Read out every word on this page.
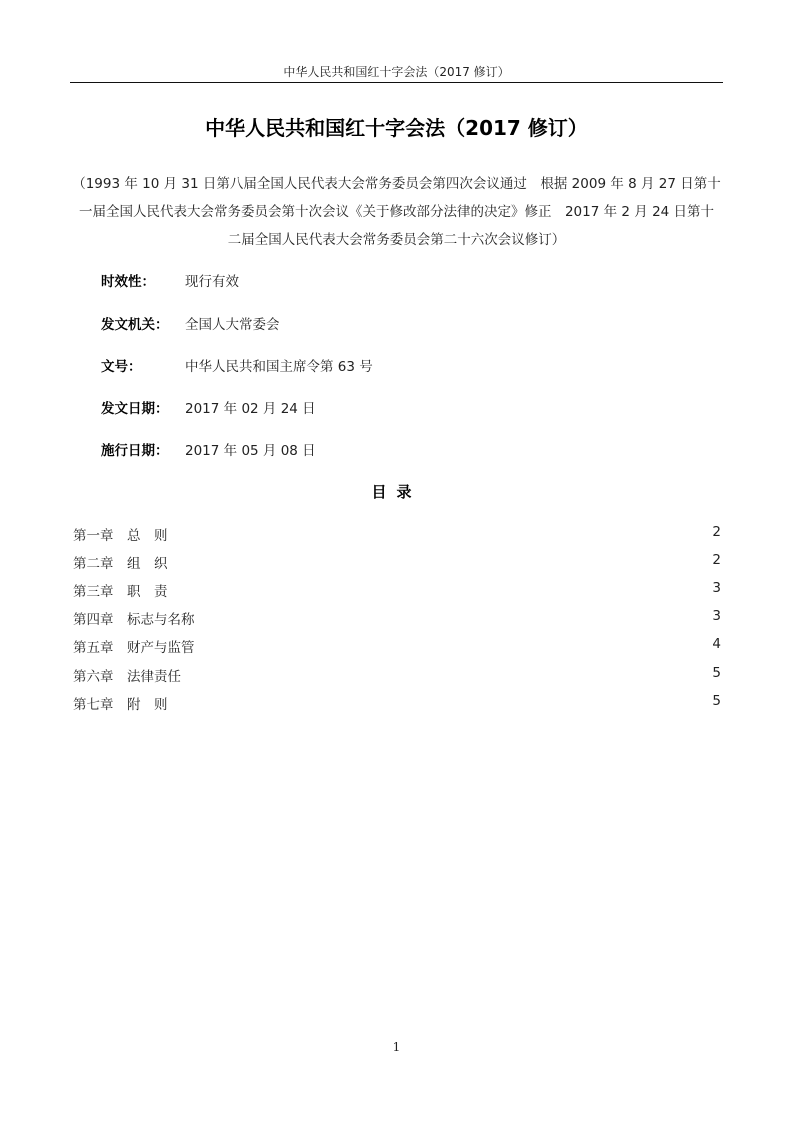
中华人民共和国红十字会法（2017 修订）
中华人民共和国红十字会法（2017 修订）
（1993 年 10 月 31 日第八届全国人民代表大会常务委员会第四次会议通过　根据 2009 年 8 月 27 日第十
一届全国人民代表大会常务委员会第十次会议《关于修改部分法律的决定》修正　2017 年 2 月 24 日第十
二届全国人民代表大会常务委员会第二十六次会议修订）
时效性： 现行有效
发文机关： 全国人大常委会
文号：	中华人民共和国主席令第 63 号
发文日期： 2017 年 02 月 24 日
施行日期： 2017 年 05 月 08 日
目录
第一章　总　则	2
第二章　组　织	2
第三章　职　责	3
第四章　标志与名称	3
第五章　财产与监管	4
第六章　法律责任	5
第七章　附　则	5
1
